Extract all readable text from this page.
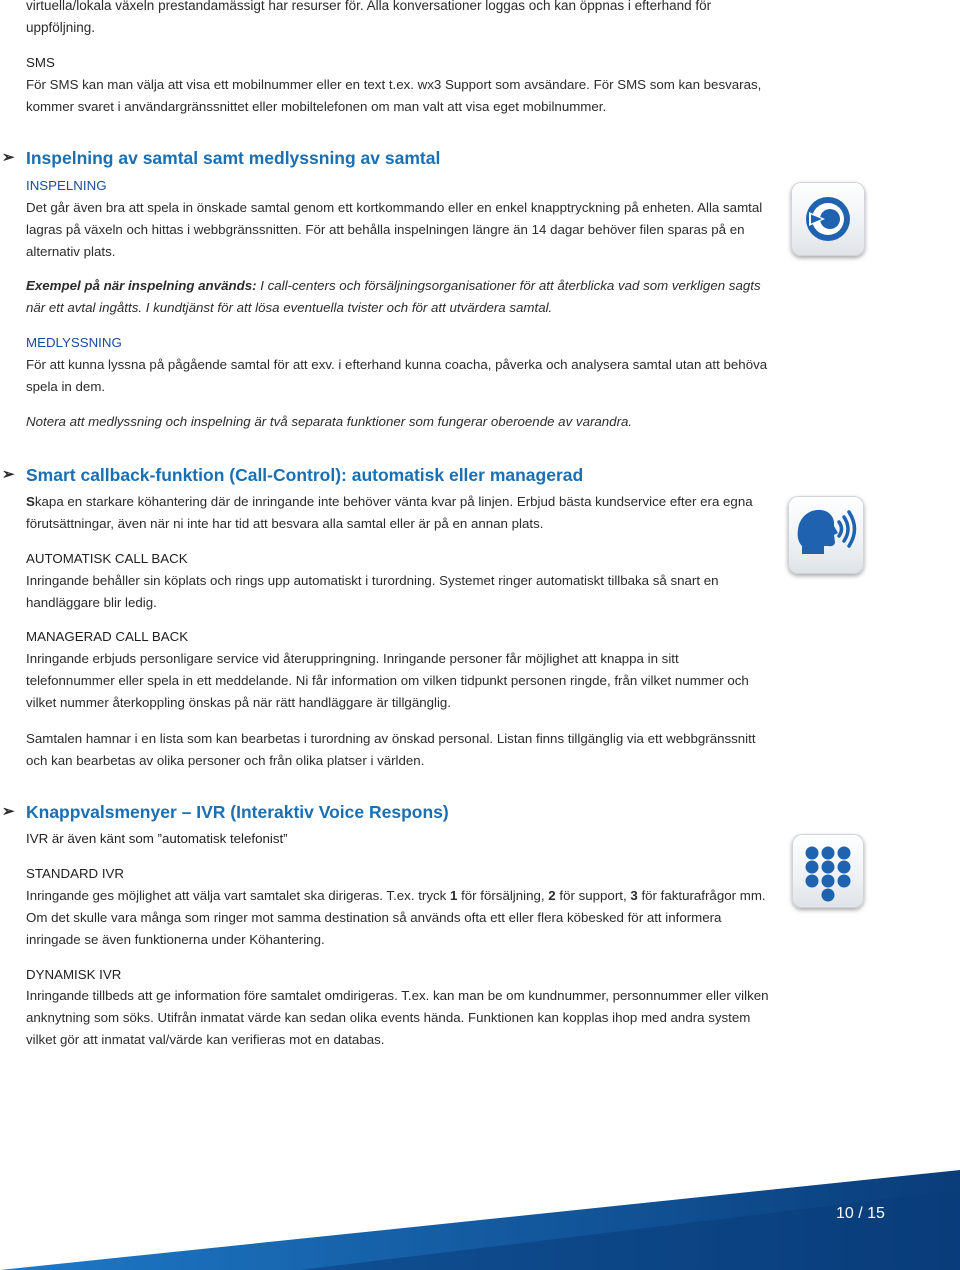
virtuella/lokala växeln prestandamässigt har resurser för. Alla konversationer loggas och kan öppnas i efterhand för
uppföljning.

SMS

För SMS kan man välja att visa ett mobilnummer eller en text t.ex. wx3 Support som avsändare. För SMS som kan besvaras, kommer svaret i användargränssnittet eller mobiltelefonen om man valt att visa eget mobilnummer.

➢ Inspelning av samtal samt medlyssning av samtal

INSPELNING

Det går även bra att spela in önskade samtal genom ett kortkommando eller en enkel knapptryckning på enheten. Alla samtal lagras på växeln och hittas i webbgränssnitten. För att behålla inspelningen längre än 14 dagar behöver filen sparas på en alternativ plats.

Exempel på när inspelning används: I call-centers och försäljningsorganisationer för att återblicka vad som verkligen sagts när ett avtal ingåtts. I kundtjänst för att lösa eventuella tvister och för att utvärdera samtal.

MEDLYSSNING

För att kunna lyssna på pågående samtal för att exv. i efterhand kunna coacha, påverka och analysera samtal utan att behöva spela in dem.

Notera att medlyssning och inspelning är två separata funktioner som fungerar oberoende av varandra.

➢ Smart callback-funktion (Call-Control): automatisk eller managerad

Skapa en starkare köhantering där de inringande inte behöver vänta kvar på linjen. Erbjud bästa kundservice efter era egna förutsättningar, även när ni inte har tid att besvara alla samtal eller är på en annan plats.

AUTOMATISK CALL BACK

Inringande behåller sin köplats och rings upp automatiskt i turordning. Systemet ringer automatiskt tillbaka så snart en handläggare blir ledig.

MANAGERAD CALL BACK

Inringande erbjuds personligare service vid återuppringning. Inringande personer får möjlighet att knappa in sitt telefonnummer eller spela in ett meddelande. Ni får information om vilken tidpunkt personen ringde, från vilket nummer och vilket nummer återkoppling önskas på när rätt handläggare är tillgänglig.

Samtalen hamnar i en lista som kan bearbetas i turordning av önskad personal. Listan finns tillgänglig via ett webbgränssnitt och kan bearbetas av olika personer och från olika platser i världen.

➢ Knappvalsmenyer – IVR (Interaktiv Voice Respons)

IVR är även känt som ”automatisk telefonist”

STANDARD IVR

Inringande ges möjlighet att välja vart samtalet ska dirigeras. T.ex. tryck 1 för försäljning, 2 för support, 3 för fakturafrågor mm. Om det skulle vara många som ringer mot samma destination så används ofta ett eller flera köbesked för att informera inringade se även funktionerna under Köhantering.

DYNAMISK IVR

Inringande tillbeds att ge information före samtalet omdirigeras. T.ex. kan man be om kundnummer, personnummer eller vilken anknytning som söks. Utifrån inmatat värde kan sedan olika events hända. Funktionen kan kopplas ihop med andra system vilket gör att inmatat val/värde kan verifieras mot en databas.

10 / 15
